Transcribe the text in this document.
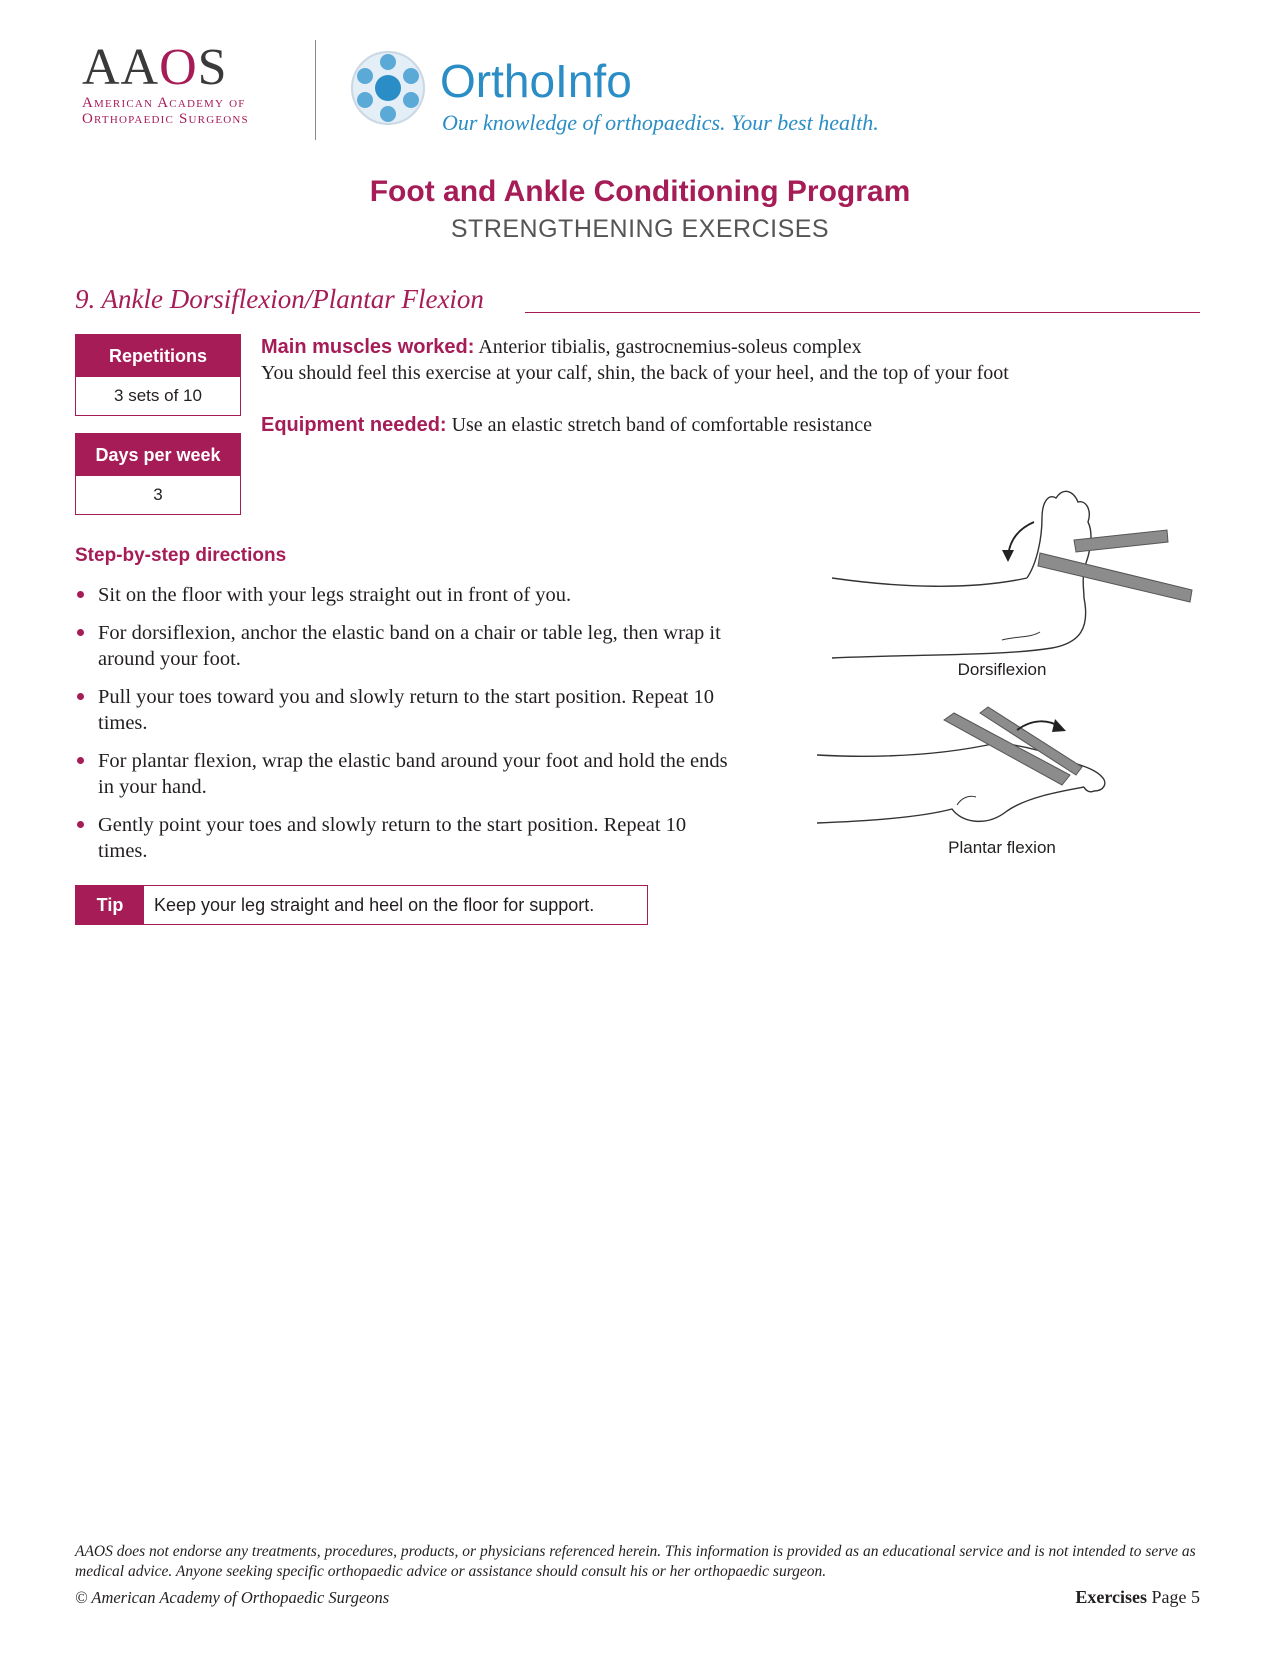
AAOS
American Academy of
Orthopaedic Surgeons
OrthoInfo
Our knowledge of orthopaedics. Your best health.
Foot and Ankle Conditioning Program
STRENGTHENING EXERCISES
9. Ankle Dorsiflexion/Plantar Flexion
Repetitions
3 sets of 10
Days per week
3
Main muscles worked: Anterior tibialis, gastrocnemius-soleus complex
You should feel this exercise at your calf, shin, the back of your heel, and the top of your foot
Equipment needed: Use an elastic stretch band of comfortable resistance
Step-by-step directions
Sit on the floor with your legs straight out in front of you.
For dorsiflexion, anchor the elastic band on a chair or table leg, then wrap it around your foot.
Pull your toes toward you and slowly return to the start position. Repeat 10 times.
For plantar flexion, wrap the elastic band around your foot and hold the ends in your hand.
Gently point your toes and slowly return to the start position. Repeat 10 times.
Tip	Keep your leg straight and heel on the floor for support.
Dorsiflexion
Plantar flexion
AAOS does not endorse any treatments, procedures, products, or physicians referenced herein. This information is provided as an educational service and is not intended to serve as medical advice. Anyone seeking specific orthopaedic advice or assistance should consult his or her orthopaedic surgeon.
© American Academy of Orthopaedic Surgeons	Exercises Page 5
